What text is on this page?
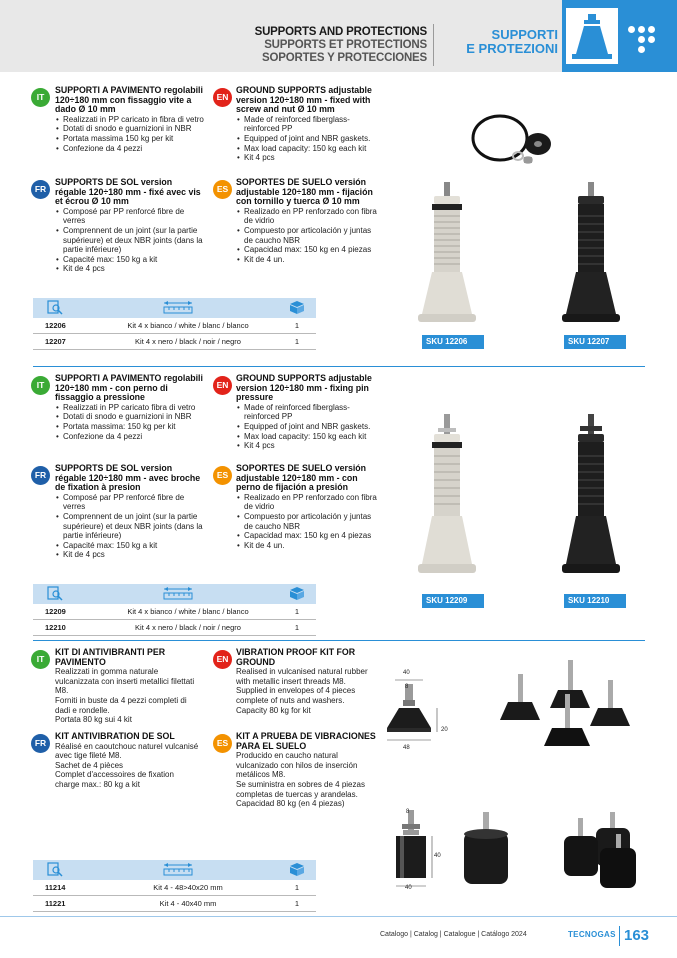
SUPPORTS AND PROTECTIONS
SUPPORTS ET PROTECTIONS
SOPORTES Y PROTECCIONES
SUPPORTI
E PROTEZIONI
IT
SUPPORTI A PAVIMENTO regolabili 120÷180 mm con fissaggio vite a dado Ø 10 mm
• Realizzati in PP caricato in fibra di vetro
• Dotati di snodo e guarnizioni in NBR
• Portata massima 150 kg per kit
• Confezione da 4 pezzi
EN
GROUND SUPPORTS adjustable version 120÷180 mm - fixed with screw and nut Ø 10 mm
• Made of reinforced fiberglass-reinforced PP
• Equipped of joint and NBR gaskets.
• Max load capacity: 150 kg each kit
• Kit 4 pcs
FR
SUPPORTS DE SOL version régable 120÷180 mm - fixé avec vis et écrou Ø 10 mm
• Composé par PP renforcé fibre de verres
• Comprennent de un joint (sur la partie supérieure) et deux NBR joints (dans la partie inférieure)
• Capacité max: 150 kg a kit
• Kit de 4 pcs
ES
SOPORTES DE SUELO versión adjustable 120÷180 mm - fijación con tornillo y tuerca Ø 10 mm
• Realizado en PP renforzado con fibra de vidrio
• Compuesto por articolación y juntas de caucho NBR
• Capacidad max: 150 kg en 4 piezas
• Kit de 4 un.
12206	Kit 4 x bianco / white / blanc / blanco	1
12207	Kit 4 x nero / black / noir / negro	1	SKU 12206	SKU 12207
IT
SUPPORTI A PAVIMENTO regolabili 120÷180 mm - con perno di fissaggio a pressione
• Realizzati in PP caricato fibra di vetro
• Dotati di snodo e guarnizioni in NBR
• Portata massima: 150 kg per kit
• Confezione da 4 pezzi
EN
GROUND SUPPORTS adjustable version 120÷180 mm - fixing pin pressure
• Made of reinforced fiberglass-reinforced PP
• Equipped of joint and NBR gaskets.
• Max load capacity: 150 kg each kit
• Kit 4 pcs
FR
SUPPORTS DE SOL version régable 120÷180 mm - avec broche de fixation à presion
• Composé par PP renforcé fibre de verres
• Comprennent de un joint (sur la partie supérieure) et deux NBR joints (dans la partie inférieure)
• Capacité max: 150 kg a kit
• Kit de 4 pcs
ES
SOPORTES DE SUELO versión adjustable 120÷180 mm - con perno de fijación a presión
• Realizado en PP renforzado con fibra de vidrio
• Compuesto por articolación y juntas de caucho NBR
• Capacidad max: 150 kg en 4 piezas
• Kit de 4 un.
12209	Kit 4 x bianco / white / blanc / blanco	1
12210	Kit 4 x nero / black / noir / negro	1
SKU 12209	SKU 12210
IT
KIT DI ANTIVIBRANTI PER PAVIMENTO

Realizzati in gomma naturale vulcanizzata con inserti metallici filettati M8.

Forniti in buste da 4 pezzi completi di dadi e rondelle.

Portata 80 kg sui 4 kit

EN
VIBRATION PROOF KIT FOR GROUND

Realised in vulcanised natural rubber with metallic insert threads M8.

Supplied in envelopes of 4 pieces complete of nuts and washers.

Capacity 80 kg for kit

FR
KIT ANTIVIBRATION DE SOL

Réalisé en caoutchouc naturel vulcanisé avec tige fileté M8.

Sachet de 4 pièces

Complet d'accessoires de fixation

charge max.: 80 kg a kit

ES
KIT A PRUEBA DE VIBRACIONES PARA EL SUELO

Producido en caucho natural vulcanizado con hilos de inserción metálicos M8.

Se suministra en sobres de 4 piezas completas de tuercas y arandelas.

Capacidad 80 kg (en 4 piezas)

11214	Kit 4 - 48>40x20 mm	1
11221	Kit 4 - 40x40 mm	1
40
8
20
48
8
40
40
Catalogo | Catalog | Catalogue | Catálogo 2024	TECNOGAS 163
